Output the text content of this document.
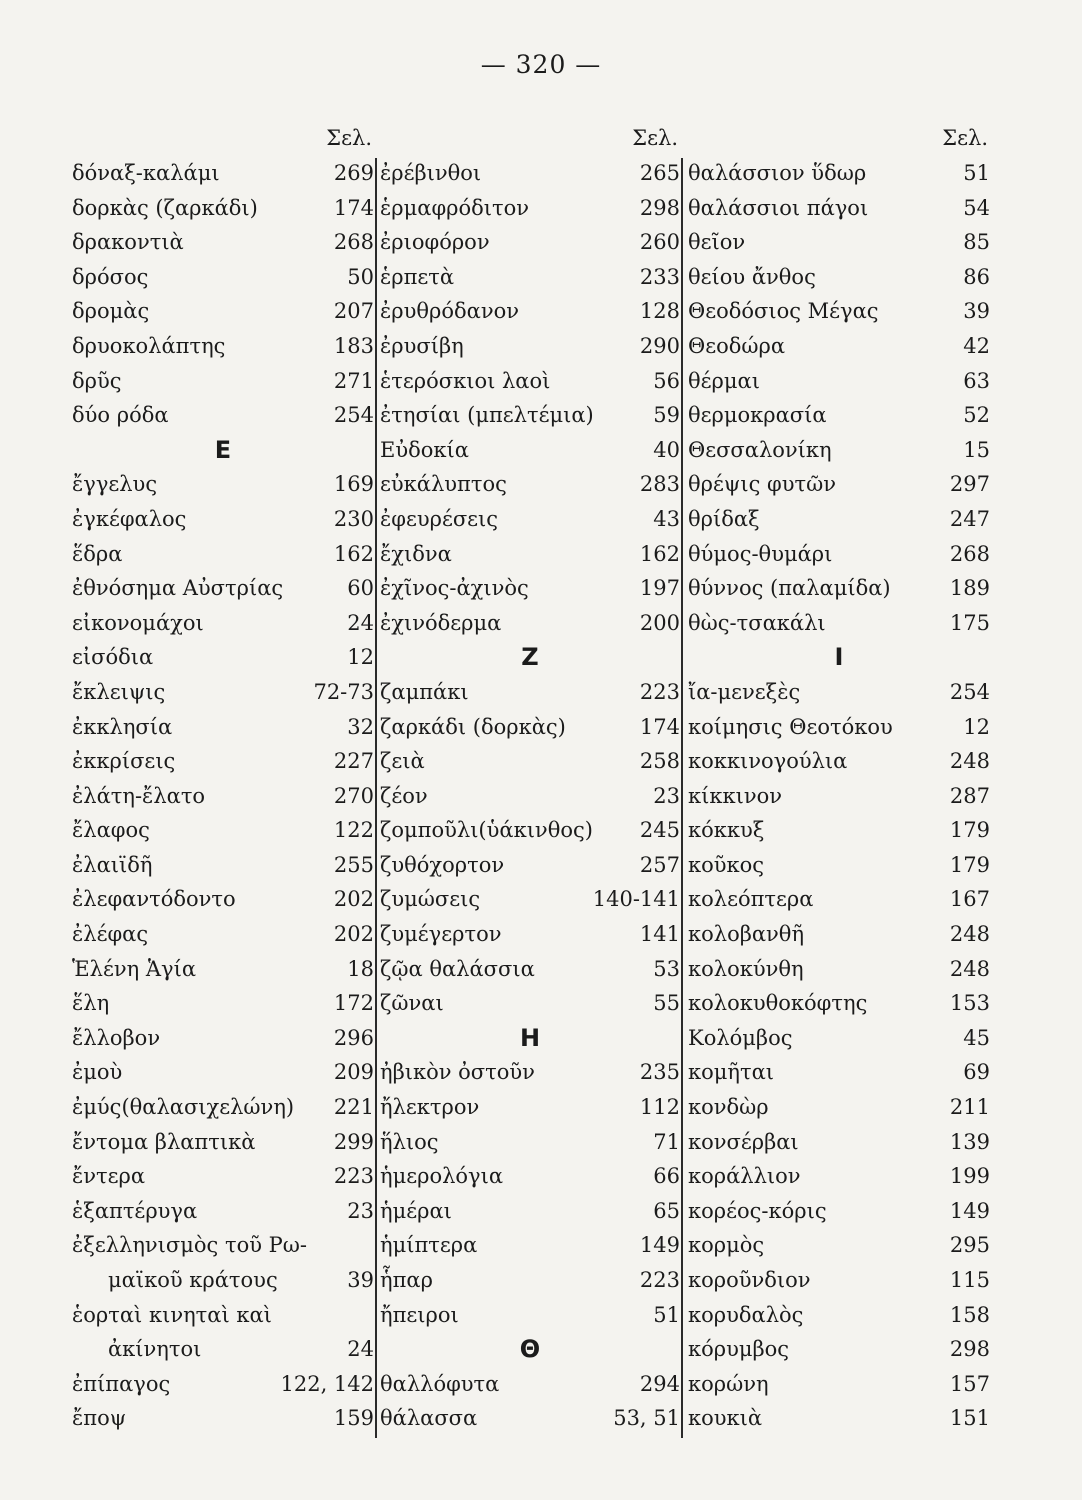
— 320 —
Σελ.
δόναξ-καλάμι	269
δορκὰς (ζαρκάδι)	174
δρακοντιὰ	268
δρόσος	50
δρομὰς	207
δρυοκολάπτης	183
δρῦς	271
δύο ρόδα	254
E
ἔγγελυς	169
ἐγκέφαλος	230
ἕδρα	162
ἐθνόσημα Αὐστρίας	60
εἰκονομάχοι	24
εἰσόδια	12
ἔκλειψις	72-73
ἐκκλησία	32
ἐκκρίσεις	227
ἐλάτη-ἔλατο	270
ἔλαφος	122
ἐλαιϊδῆ	255
ἐλεφαντόδοντο	202
ἐλέφας	202
Ἑλένη Ἁγία	18
ἕλη	172
ἔλλοβον	296
ἐμοὺ	209
ἐμύς(θαλασιχελώνη) 221
ἔντομα βλαπτικὰ	299
ἔντερα	223
ἑξαπτέρυγα	23
ἐξελληνισμὸς τοῦ Ρω-
μαϊκοῦ κράτους	39
ἑορταὶ κινηταὶ καὶ
ἀκίνητοι	24
ἐπίπαγος	122, 142
ἔποψ	159
Σελ.
ἐρέβινθοι	265
ἑρμαφρόδιτον	298
ἐριοφόρον	260
ἑρπετὰ	233
ἐρυθρόδανον	128
ἐρυσίβη	290
ἑτερόσκιοι λαοὶ	56
ἐτησίαι (μπελτέμια)	59
Εὐδοκία	40
εὐκάλυπτος	283
ἐφευρέσεις	43
ἔχιδνα	162
ἐχῖνος-ἀχινὸς	197
ἐχινόδερμα	200
Z
ζαμπάκι	223
ζαρκάδι (δορκὰς)	174
ζειὰ	258
ζέον	23
ζομποῦλι(ὑάκινθος) 245
ζυθόχορτον	257
ζυμώσεις	140-141
ζυμέγερτον	141
ζῷα θαλάσσια	53
ζῶναι	55
H
ἠβικὸν ὀστοῦν	235
ἤλεκτρον	112
ἥλιος	71
ἡμερολόγια	66
ἡμέραι	65
ἡμίπτερα	149
ἧπαρ	223
ἤπειροι	51
Θ
θαλλόφυτα	294
θάλασσα	53, 51
Σελ.
θαλάσσιον ὕδωρ	51
θαλάσσιοι πάγοι	54
θεῖον	85
θείου ἄνθος	86
Θεοδόσιος Μέγας	39
Θεοδώρα	42
θέρμαι	63
θερμοκρασία	52
Θεσσαλονίκη	15
θρέψις φυτῶν	297
θρίδαξ	247
θύμος-θυμάρι	268
θύννος (παλαμίδα)	189
θὼς-τσακάλι	175
I
ἴα-μενεξὲς	254
κοίμησις Θεοτόκου	12
κοκκινογούλια	248
κίκκινον	287
κόκκυξ	179
κοῦκος	179
κολεόπτερα	167
κολοβανθῆ	248
κολοκύνθη	248
κολοκυθοκόφτης	153
Κολόμβος	45
κομῆται	69
κονδὼρ	211
κονσέρβαι	139
κοράλλιον	199
κορέος-κόρις	149
κορμὸς	295
κοροῦνδιον	115
κορυδαλὸς	158
κόρυμβος	298
κορώνη	157
κουκιὰ	151
